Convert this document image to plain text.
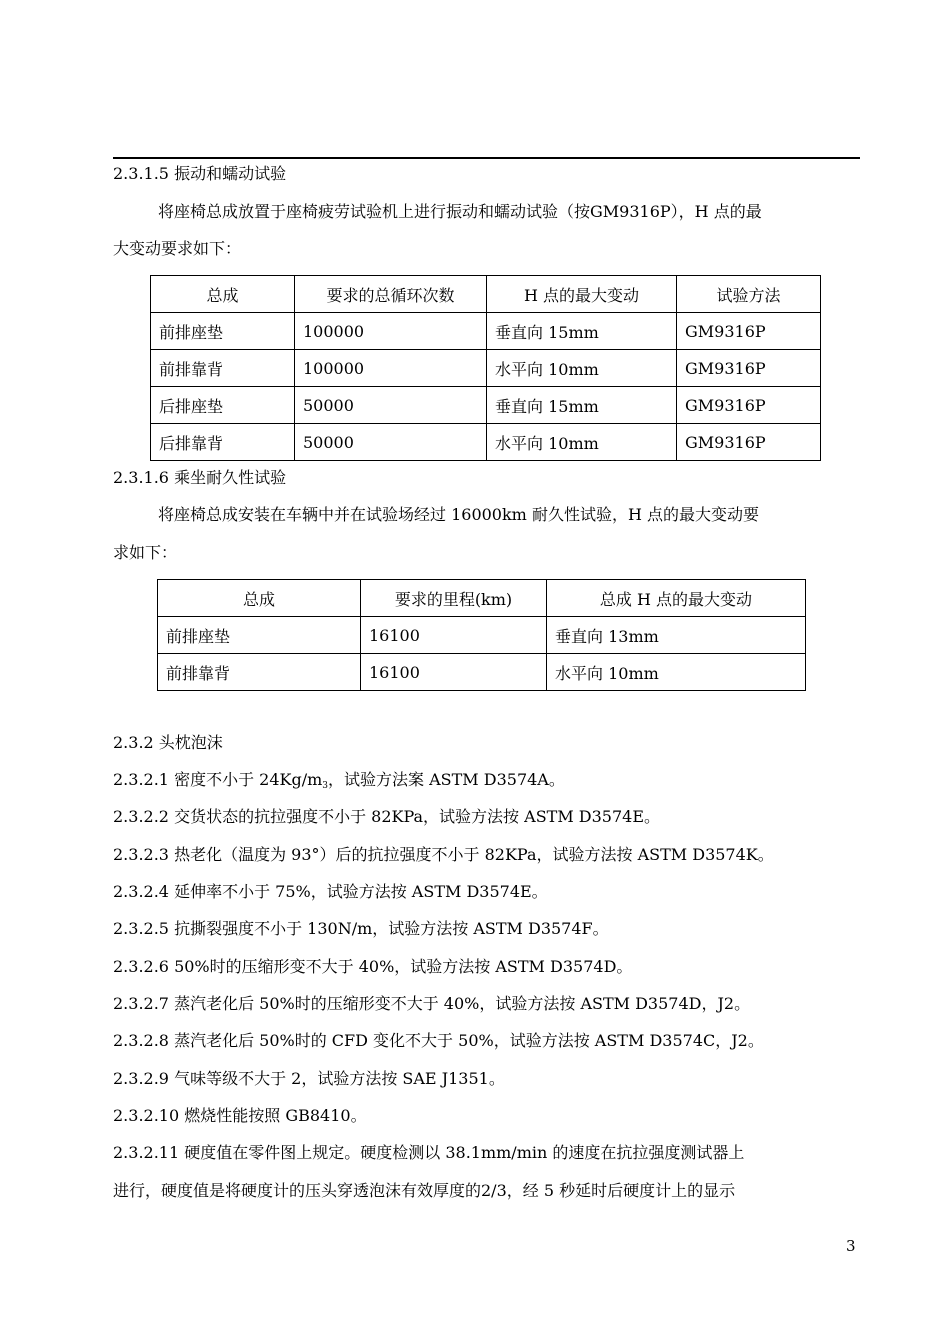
2.3.1.5 振动和蠕动试验
将座椅总成放置于座椅疲劳试验机上进行振动和蠕动试验（按GM9316P），H 点的最
大变动要求如下：
总成	要求的总循环次数	H 点的最大变动	试验方法
前排座垫	100000	垂直向 15mm	GM9316P
前排靠背	100000	水平向 10mm	GM9316P
后排座垫	50000	垂直向 15mm	GM9316P
后排靠背	50000	水平向 10mm	GM9316P
2.3.1.6 乘坐耐久性试验
将座椅总成安装在车辆中并在试验场经过 16000km 耐久性试验，H 点的最大变动要
求如下：
总成	要求的里程(km)	总成 H 点的最大变动
前排座垫	16100	垂直向 13mm
前排靠背	16100	水平向 10mm
2.3.2 头枕泡沫
2.3.2.1 密度不小于 24Kg/m3，试验方法案 ASTM D3574A。
2.3.2.2 交货状态的抗拉强度不小于 82KPa，试验方法按 ASTM D3574E。
2.3.2.3 热老化（温度为 93°）后的抗拉强度不小于 82KPa，试验方法按 ASTM D3574K。
2.3.2.4 延伸率不小于 75%，试验方法按 ASTM D3574E。
2.3.2.5 抗撕裂强度不小于 130N/m，试验方法按 ASTM D3574F。
2.3.2.6 50%时的压缩形变不大于 40%，试验方法按 ASTM D3574D。
2.3.2.7 蒸汽老化后 50%时的压缩形变不大于 40%，试验方法按 ASTM D3574D，J2。
2.3.2.8 蒸汽老化后 50%时的 CFD 变化不大于 50%，试验方法按 ASTM D3574C，J2。
2.3.2.9 气味等级不大于 2，试验方法按 SAE J1351。
2.3.2.10 燃烧性能按照 GB8410。
2.3.2.11 硬度值在零件图上规定。硬度检测以 38.1mm/min 的速度在抗拉强度测试器上
进行，硬度值是将硬度计的压头穿透泡沫有效厚度的2/3，经 5 秒延时后硬度计上的显示
3
